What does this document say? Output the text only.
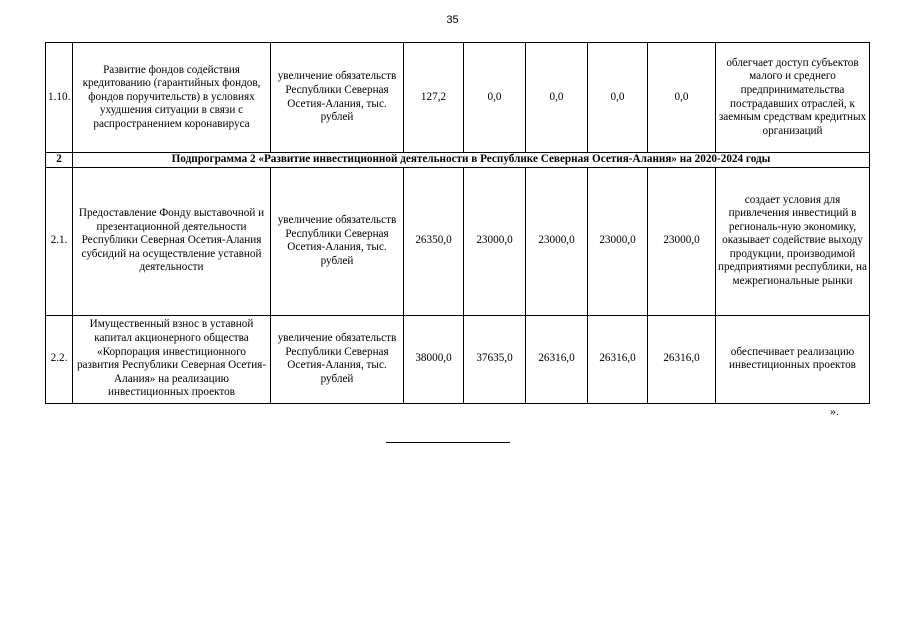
35
1.10.	Развитие фондов содействия кредитованию (гарантийных фондов, фондов поручительств) в условиях ухудшения ситуации в связи с распространением коронавируса	увеличение обязательств Республики Северная Осетия-Алания, тыс. рублей	127,2	0,0	0,0	0,0	0,0	облегчает доступ субъектов малого и среднего предпринимательства пострадавших отраслей, к заемным средствам кредитных организаций
2	Подпрограмма 2 «Развитие инвестиционной деятельности в Республике Северная Осетия-Алания» на 2020-2024 годы							
2.1.	Предоставление Фонду выставочной и презентационной деятельности Республики Северная Осетия-Алания субсидий на осуществление уставной деятельности	увеличение обязательств Республики Северная Осетия-Алания, тыс. рублей	26350,0	23000,0	23000,0	23000,0	23000,0	создает условия для привлечения инвестиций в региональ-ную экономику, оказывает содействие выходу продукции, производимой предприятиями республики, на межрегиональные рынки
2.2.	Имущественный взнос в уставной капитал акционерного общества «Корпорация инвестиционного развития Республики Северная Осетия-Алания» на реализацию инвестиционных проектов	увеличение обязательств Республики Северная Осетия-Алания, тыс. рублей	38000,0	37635,0	26316,0	26316,0	26316,0	обеспечивает реализацию инвестиционных проектов
».
